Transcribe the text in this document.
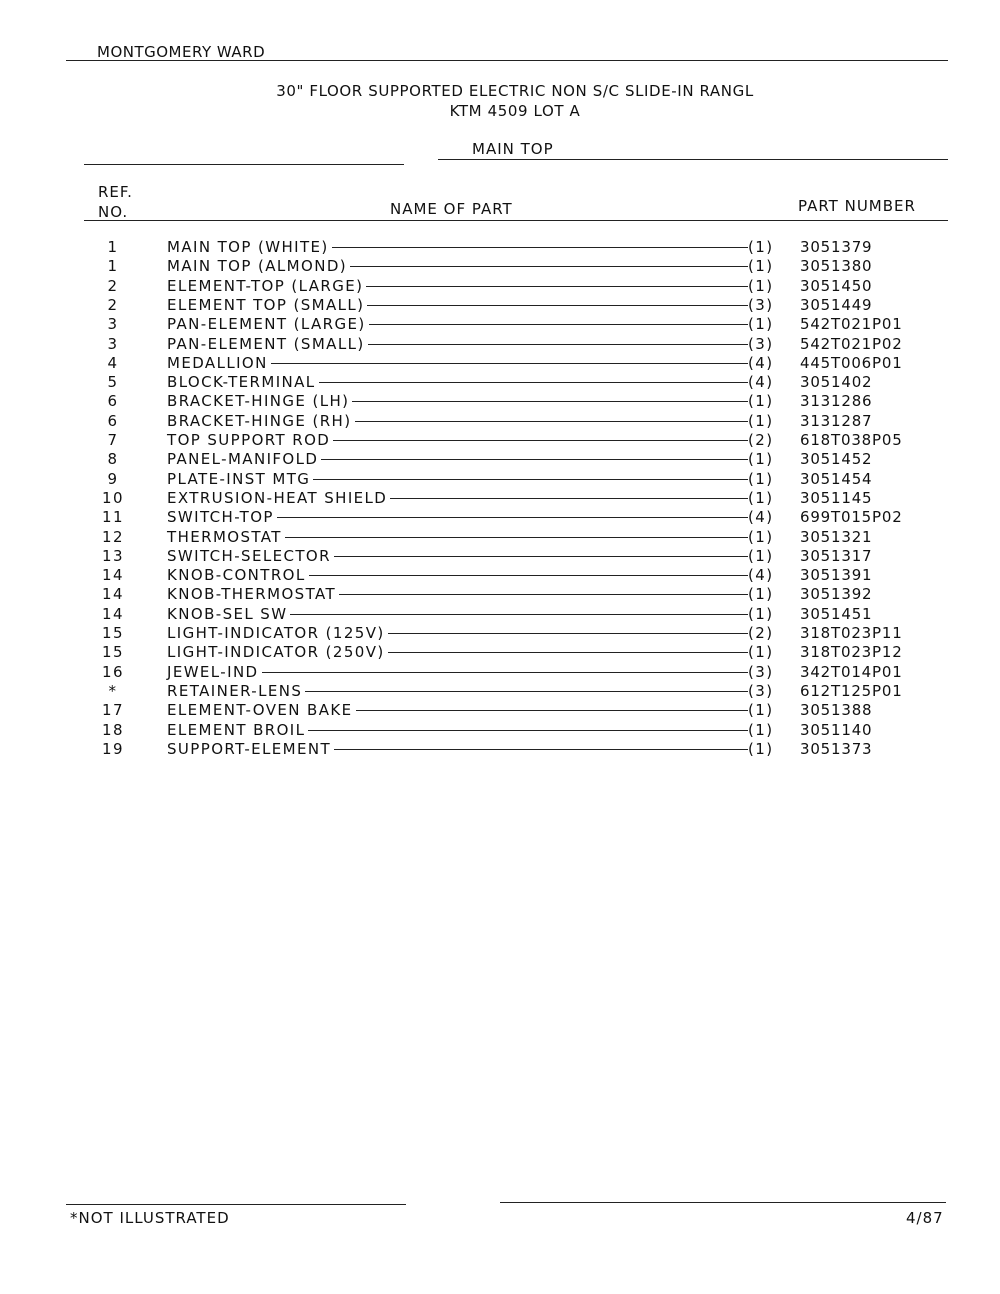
MONTGOMERY WARD
30" FLOOR SUPPORTED ELECTRIC NON S/C SLIDE-IN RANGL
KTM 4509 LOT A
MAIN TOP
REF.
NO.	NAME OF PART	PART NUMBER
1	MAIN TOP (WHITE)	(1) 3051379
1	MAIN TOP (ALMOND)	(1) 3051380
2	ELEMENT-TOP (LARGE)	(1) 3051450
2	ELEMENT TOP (SMALL)	(3) 3051449
3	PAN-ELEMENT (LARGE)	(1) 542T021P01
3	PAN-ELEMENT (SMALL)	(3) 542T021P02
4	MEDALLION	(4) 445T006P01
5	BLOCK-TERMINAL	(4) 3051402
6	BRACKET-HINGE (LH)	(1) 3131286
6	BRACKET-HINGE (RH)	(1) 3131287
7	TOP SUPPORT ROD	(2) 618T038P05
8	PANEL-MANIFOLD	(1) 3051452
9	PLATE-INST MTG	(1) 3051454
10	EXTRUSION-HEAT SHIELD	(1) 3051145
11	SWITCH-TOP	(4) 699T015P02
12	THERMOSTAT	(1) 3051321
13	SWITCH-SELECTOR	(1) 3051317
14	KNOB-CONTROL	(4) 3051391
14	KNOB-THERMOSTAT	(1) 3051392
14	KNOB-SEL SW	(1) 3051451
15	LIGHT-INDICATOR (125V)	(2) 318T023P11
15	LIGHT-INDICATOR (250V)	(1) 318T023P12
16	JEWEL-IND	(3) 342T014P01
*	RETAINER-LENS	(3) 612T125P01
17	ELEMENT-OVEN BAKE	(1) 3051388
18	ELEMENT BROIL	(1) 3051140
19	SUPPORT-ELEMENT	(1) 3051373
*NOT ILLUSTRATED	4/87
